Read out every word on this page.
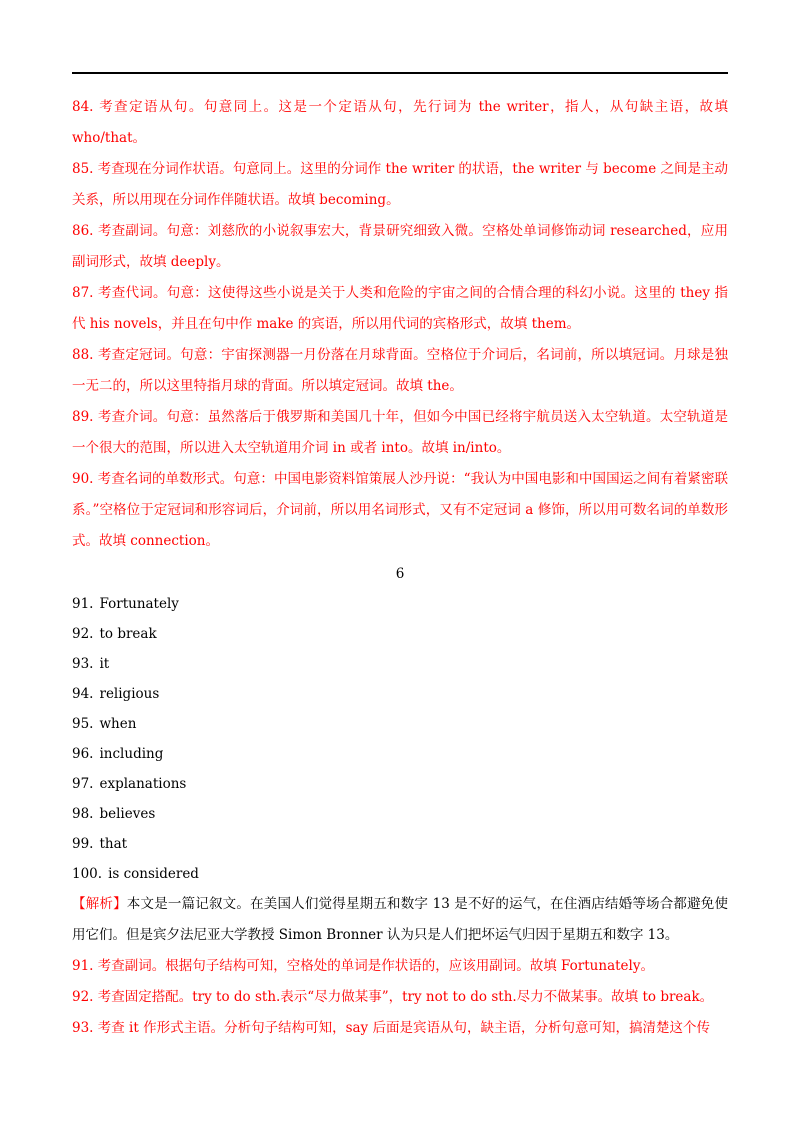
84. 考查定语从句。句意同上。这是一个定语从句，先行词为 the writer，指人，从句缺主语，故填 who/that。

85. 考查现在分词作状语。句意同上。这里的分词作 the writer 的状语，the writer 与 become 之间是主动关系，所以用现在分词作伴随状语。故填 becoming。

86. 考查副词。句意：刘慈欣的小说叙事宏大，背景研究细致入微。空格处单词修饰动词 researched，应用副词形式，故填 deeply。

87. 考查代词。句意：这使得这些小说是关于人类和危险的宇宙之间的合情合理的科幻小说。这里的 they 指代 his novels，并且在句中作 make 的宾语，所以用代词的宾格形式，故填 them。

88. 考查定冠词。句意：宇宙探测器一月份落在月球背面。空格位于介词后，名词前，所以填冠词。月球是独一无二的，所以这里特指月球的背面。所以填定冠词。故填 the。

89. 考查介词。句意：虽然落后于俄罗斯和美国几十年，但如今中国已经将宇航员送入太空轨道。太空轨道是一个很大的范围，所以进入太空轨道用介词 in 或者 into。故填 in/into。

90. 考查名词的单数形式。句意：中国电影资料馆策展人沙丹说：“我认为中国电影和中国国运之间有着紧密联系。”空格位于定冠词和形容词后，介词前，所以用名词形式，又有不定冠词 a 修饰，所以用可数名词的单数形式。故填 connection。

6

91. Fortunately

92. to break

93. it

94. religious

95. when

96. including

97. explanations

98. believes

99. that

100. is considered

【解析】本文是一篇记叙文。在美国人们觉得星期五和数字 13 是不好的运气，在住酒店结婚等场合都避免使用它们。但是宾夕法尼亚大学教授 Simon Bronner 认为只是人们把坏运气归因于星期五和数字 13。

91. 考查副词。根据句子结构可知，空格处的单词是作状语的，应该用副词。故填 Fortunately。

92. 考查固定搭配。try to do sth.表示“尽力做某事”，try not to do sth.尽力不做某事。故填 to break。

93. 考查 it 作形式主语。分析句子结构可知，say 后面是宾语从句，缺主语，分析句意可知，搞清楚这个传
